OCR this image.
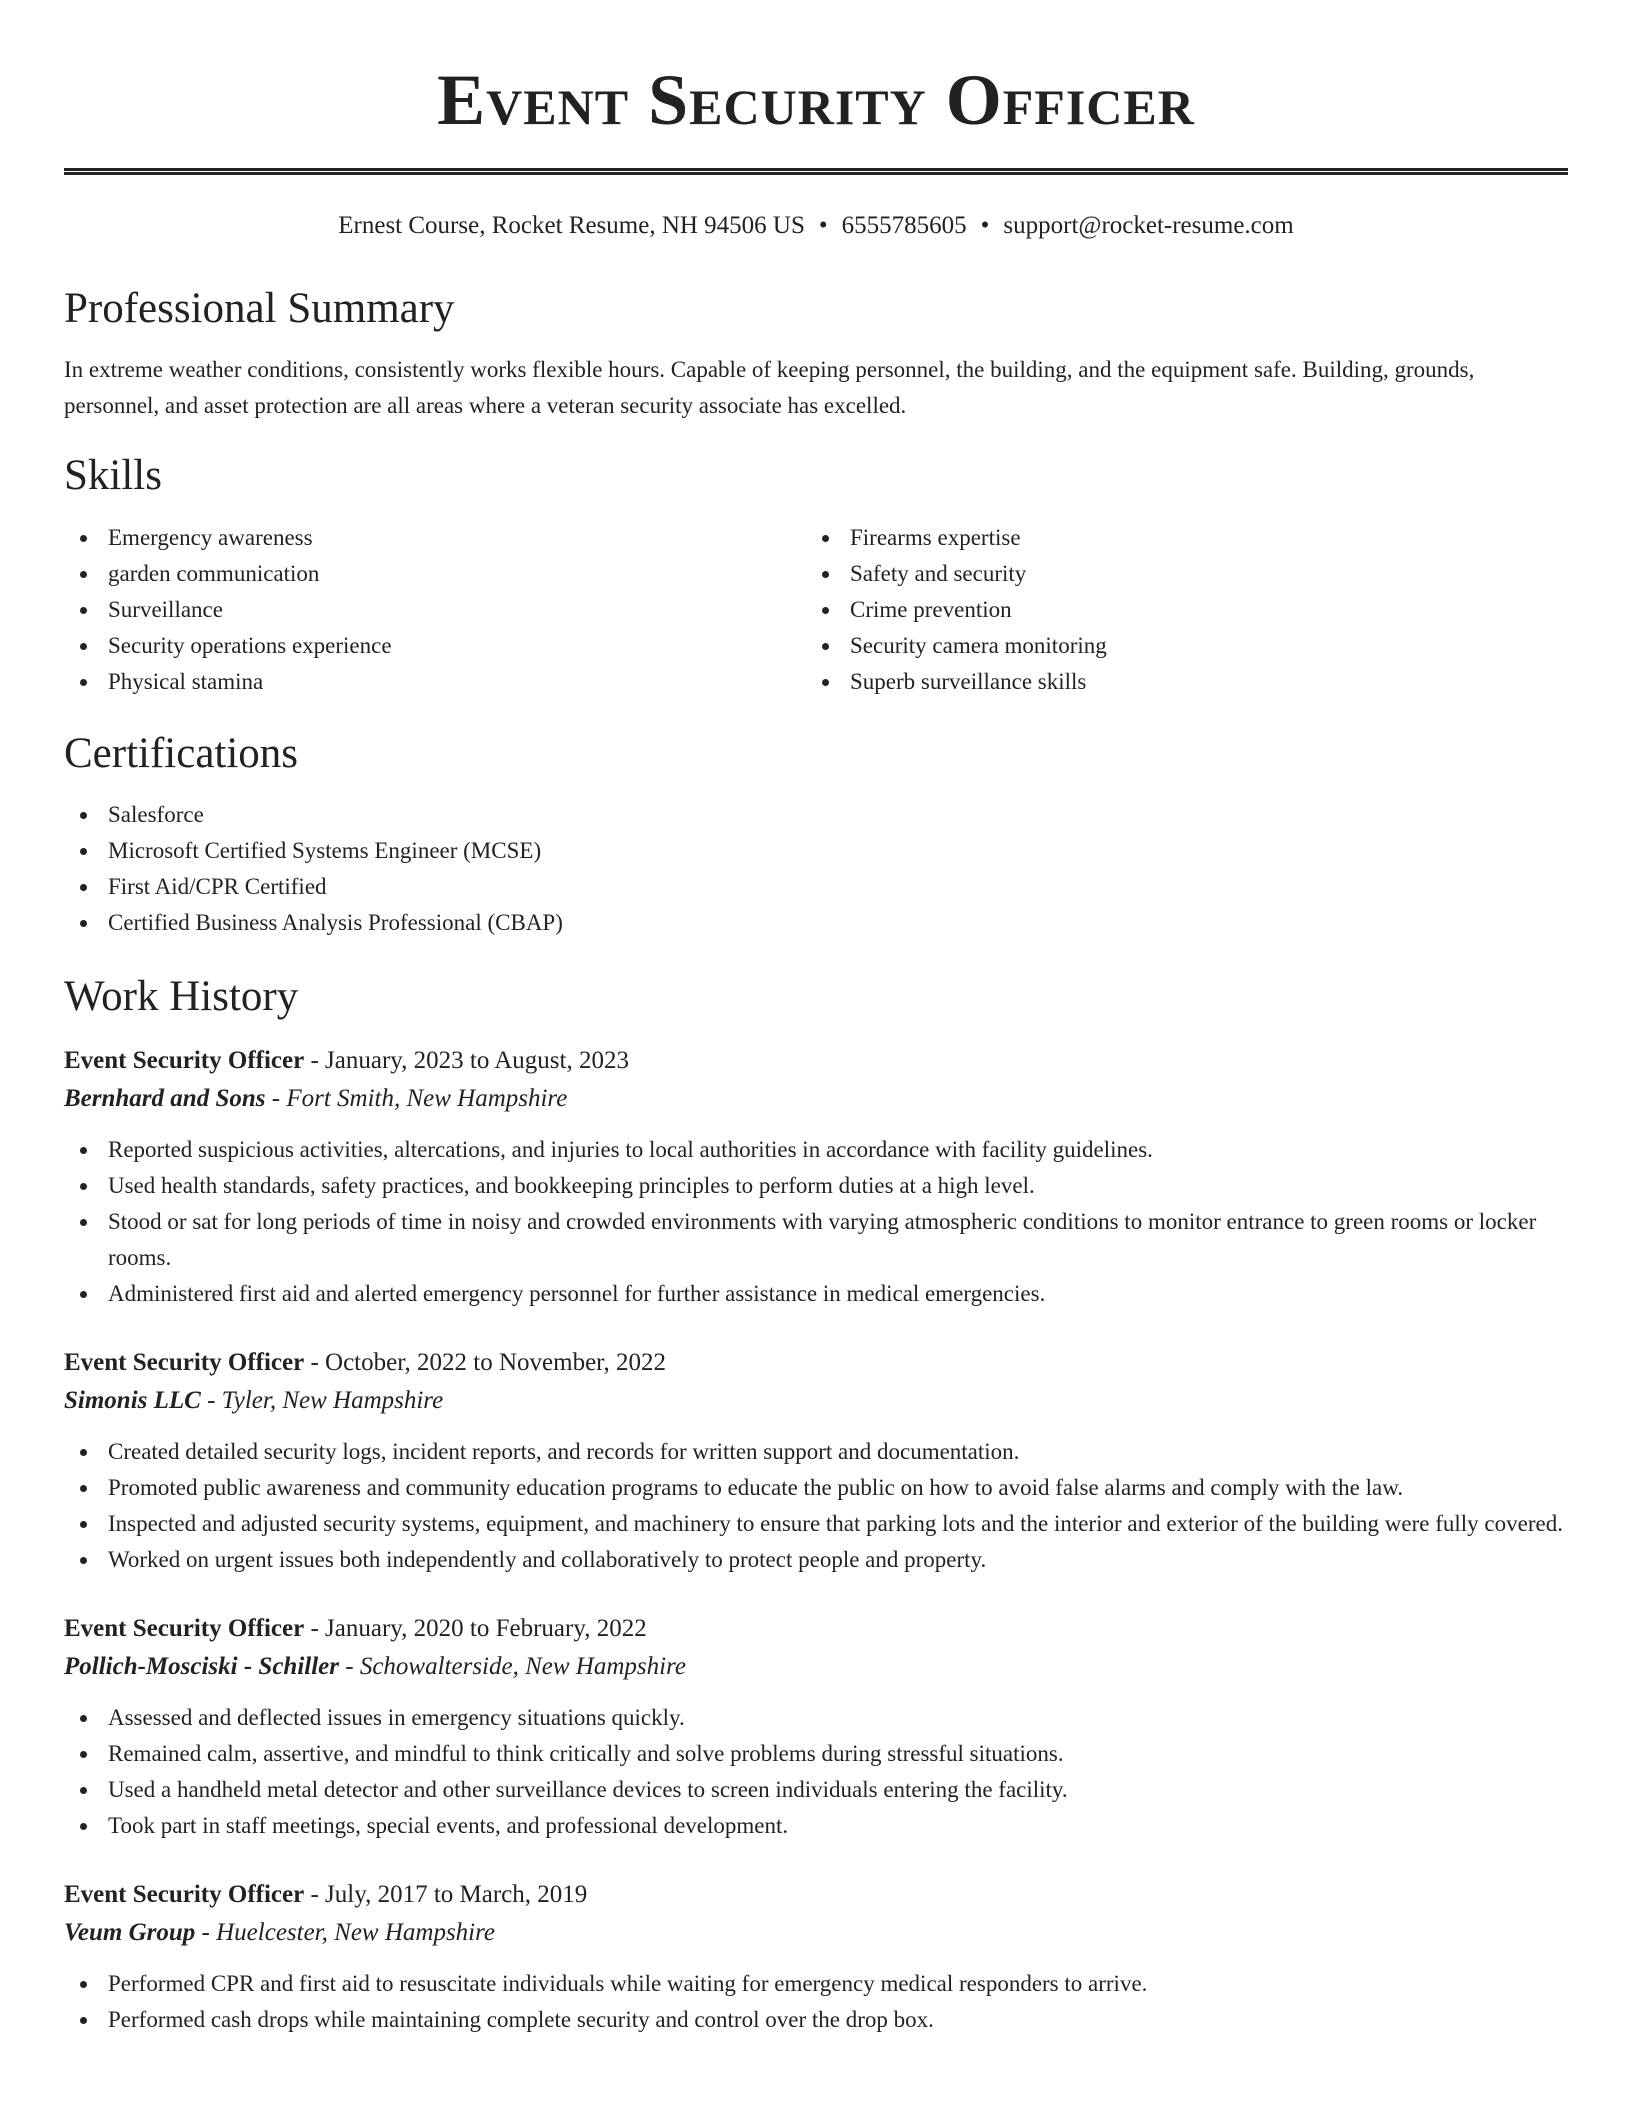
Event Security Officer
Ernest Course, Rocket Resume, NH 94506 US • 6555785605 • support@rocket-resume.com
Professional Summary

In extreme weather conditions, consistently works flexible hours. Capable of keeping personnel, the building, and the equipment safe. Building, grounds, personnel, and asset protection are all areas where a veteran security associate has excelled.

Skills
Emergency awareness
garden communication
Surveillance
Security operations experience
Physical stamina
Firearms expertise
Safety and security
Crime prevention
Security camera monitoring
Superb surveillance skills
Certifications
Salesforce
Microsoft Certified Systems Engineer (MCSE)
First Aid/CPR Certified
Certified Business Analysis Professional (CBAP)
Work History
Event Security Officer - January, 2023 to August, 2023
Bernhard and Sons - Fort Smith, New Hampshire
Reported suspicious activities, altercations, and injuries to local authorities in accordance with facility guidelines.
Used health standards, safety practices, and bookkeeping principles to perform duties at a high level.
Stood or sat for long periods of time in noisy and crowded environments with varying atmospheric conditions to monitor entrance to green rooms or locker rooms.
Administered first aid and alerted emergency personnel for further assistance in medical emergencies.
Event Security Officer - October, 2022 to November, 2022
Simonis LLC - Tyler, New Hampshire
Created detailed security logs, incident reports, and records for written support and documentation.
Promoted public awareness and community education programs to educate the public on how to avoid false alarms and comply with the law.
Inspected and adjusted security systems, equipment, and machinery to ensure that parking lots and the interior and exterior of the building were fully covered.
Worked on urgent issues both independently and collaboratively to protect people and property.
Event Security Officer - January, 2020 to February, 2022
Pollich-Mosciski - Schiller - Schowalterside, New Hampshire
Assessed and deflected issues in emergency situations quickly.
Remained calm, assertive, and mindful to think critically and solve problems during stressful situations.
Used a handheld metal detector and other surveillance devices to screen individuals entering the facility.
Took part in staff meetings, special events, and professional development.
Event Security Officer - July, 2017 to March, 2019
Veum Group - Huelcester, New Hampshire
Performed CPR and first aid to resuscitate individuals while waiting for emergency medical responders to arrive.
Performed cash drops while maintaining complete security and control over the drop box.
